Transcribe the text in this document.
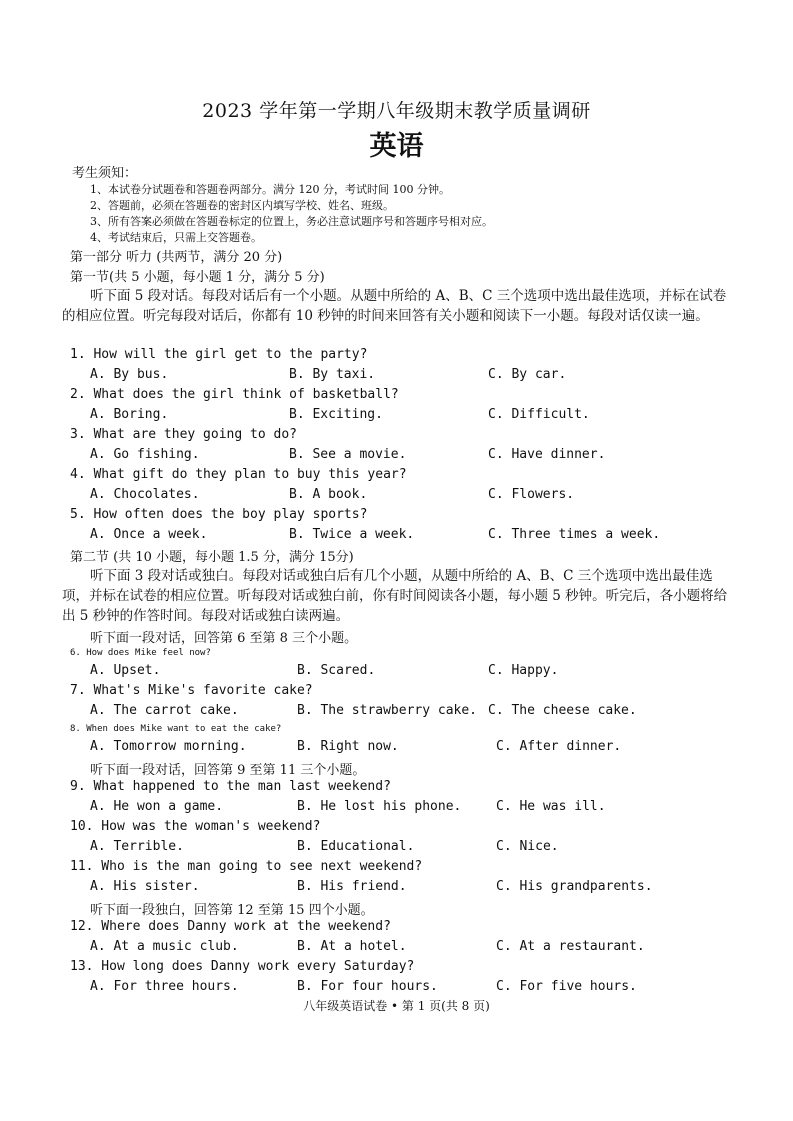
2023 学年第一学期八年级期末教学质量调研
英语
考生须知：
1、本试卷分试题卷和答题卷两部分。满分 120 分，考试时间 100 分钟。
2、答题前，必须在答题卷的密封区内填写学校、姓名、班级。
3、所有答案必须做在答题卷标定的位置上，务必注意试题序号和答题序号相对应。
4、考试结束后，只需上交答题卷。
第一部分 听力 (共两节，满分 20 分)
第一节(共 5 小题，每小题 1 分，满分 5 分)
听下面 5 段对话。每段对话后有一个小题。从题中所给的 A、B、C 三个选项中选出最佳选项，并标在试卷的相应位置。听完每段对话后，你都有 10 秒钟的时间来回答有关小题和阅读下一小题。每段对话仅读一遍。
1. How will the girl get to the party?
A. By bus.	B. By taxi.	C. By car.
2. What does the girl think of basketball?
A. Boring.	B. Exciting.	C. Difficult.
3. What are they going to do?
A. Go fishing.	B. See a movie.	C. Have dinner.
4. What gift do they plan to buy this year?
A. Chocolates.	B. A book.	C. Flowers.
5. How often does the boy play sports?
A. Once a week.	B. Twice a week.	C. Three times a week.
第二节 (共 10 小题，每小题 1.5 分，满分 15分)
听下面 3 段对话或独白。每段对话或独白后有几个小题，从题中所给的 A、B、C 三个选项中选出最佳选项，并标在试卷的相应位置。听每段对话或独白前，你有时间阅读各小题，每小题 5 秒钟。听完后，各小题将给出 5 秒钟的作答时间。每段对话或独白读两遍。
听下面一段对话，回答第 6 至第 8 三个小题。
6. How does Mike feel now?
A. Upset.	B. Scared.	C. Happy.
7. What's Mike's favorite cake?
A. The carrot cake.	B. The strawberry cake. C. The cheese cake.
8. When does Mike want to eat the cake?
A. Tomorrow morning.	B. Right now.	C. After dinner.
听下面一段对话，回答第 9 至第 11 三个小题。
9. What happened to the man last weekend?
A. He won a game.	B. He lost his phone.	C. He was ill.
10. How was the woman's weekend?
A. Terrible.	B. Educational.	C. Nice.
11. Who is the man going to see next weekend?
A. His sister.	B. His friend.	C. His grandparents.
听下面一段独白，回答第 12 至第 15 四个小题。
12. Where does Danny work at the weekend?
A. At a music club.	B. At a hotel.	C. At a restaurant.
13. How long does Danny work every Saturday?
A. For three hours.	B. For four hours.	C. For five hours.
八年级英语试卷 • 第 1 页(共 8 页)
